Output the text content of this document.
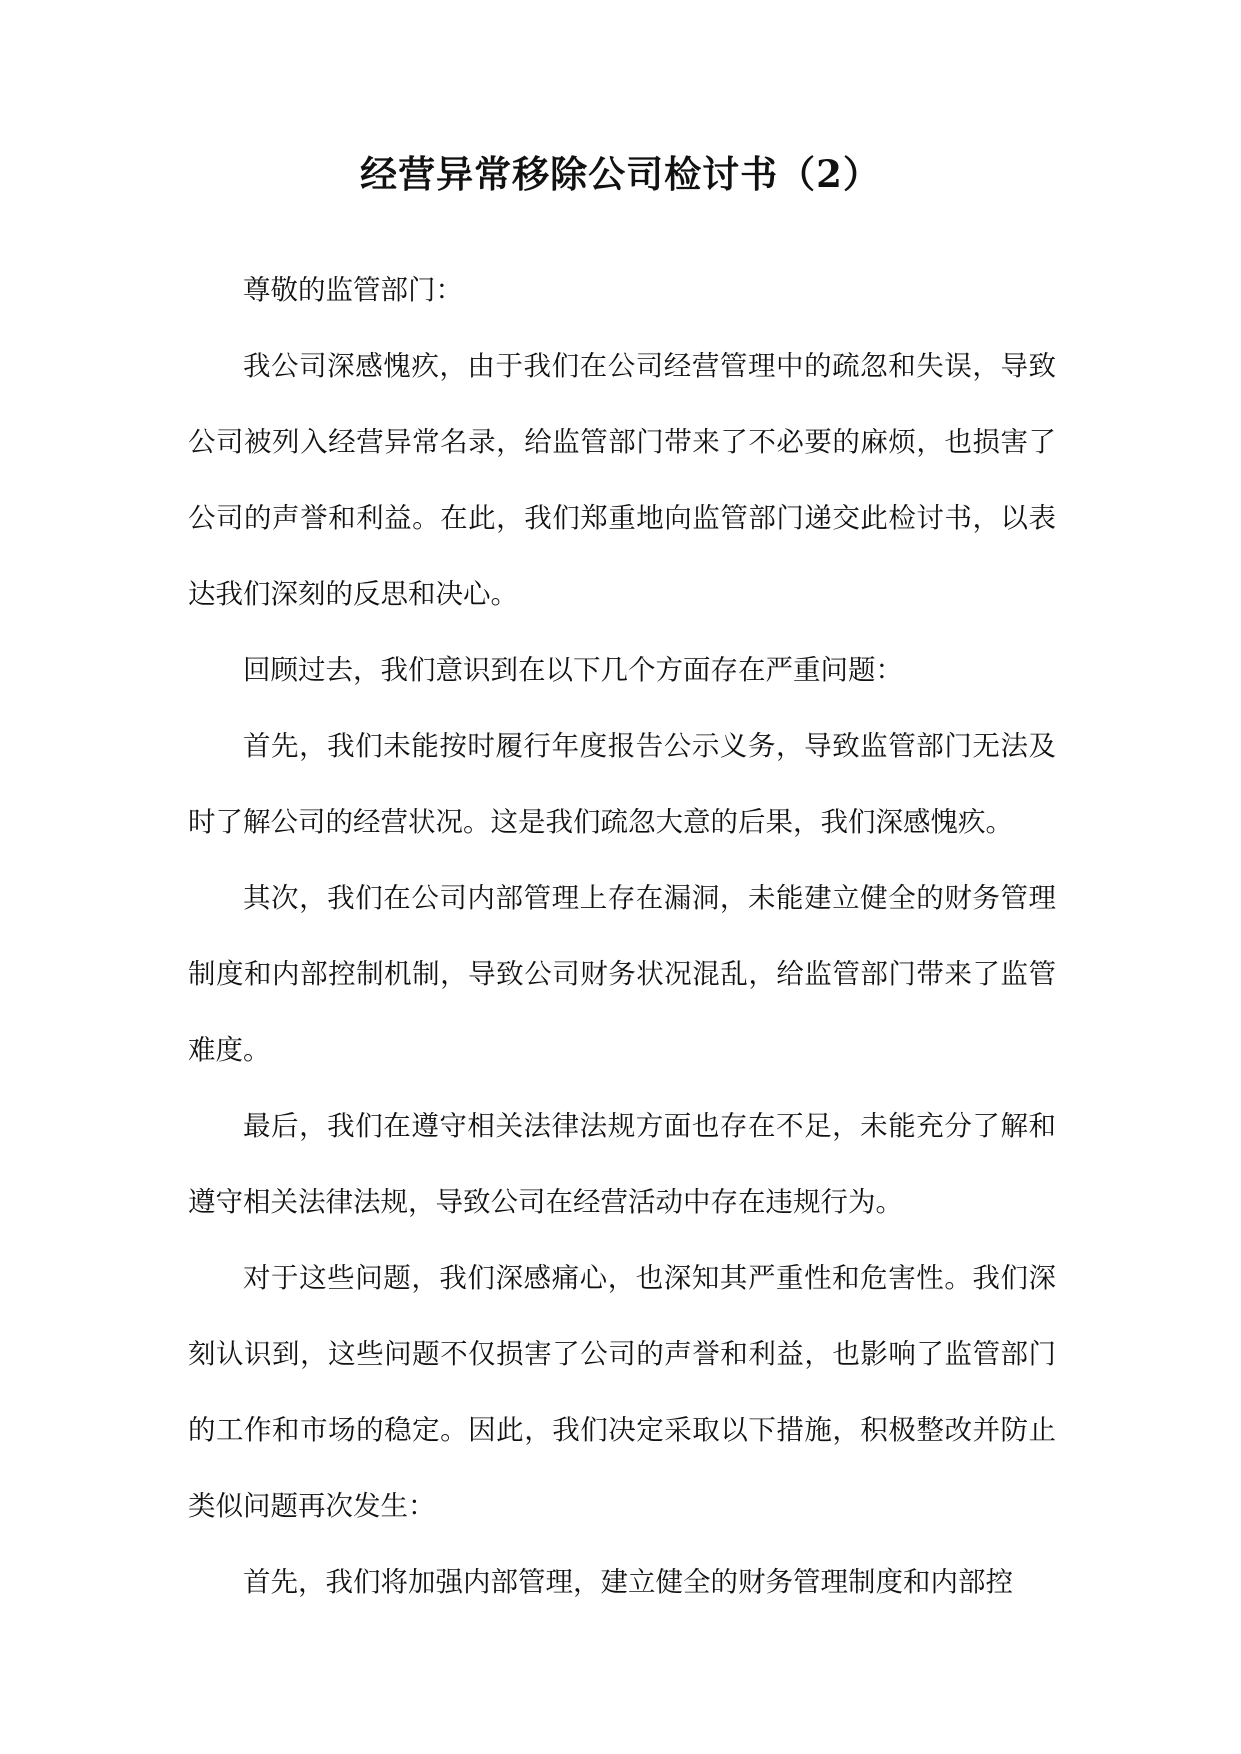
经营异常移除公司检讨书（2）

尊敬的监管部门：

我公司深感愧疚，由于我们在公司经营管理中的疏忽和失误，导致公司被列入经营异常名录，给监管部门带来了不必要的麻烦，也损害了公司的声誉和利益。在此，我们郑重地向监管部门递交此检讨书，以表达我们深刻的反思和决心。

回顾过去，我们意识到在以下几个方面存在严重问题：

首先，我们未能按时履行年度报告公示义务，导致监管部门无法及时了解公司的经营状况。这是我们疏忽大意的后果，我们深感愧疚。

其次，我们在公司内部管理上存在漏洞，未能建立健全的财务管理制度和内部控制机制，导致公司财务状况混乱，给监管部门带来了监管难度。

最后，我们在遵守相关法律法规方面也存在不足，未能充分了解和遵守相关法律法规，导致公司在经营活动中存在违规行为。

对于这些问题，我们深感痛心，也深知其严重性和危害性。我们深刻认识到，这些问题不仅损害了公司的声誉和利益，也影响了监管部门的工作和市场的稳定。因此，我们决定采取以下措施，积极整改并防止类似问题再次发生：

首先，我们将加强内部管理，建立健全的财务管理制度和内部控
